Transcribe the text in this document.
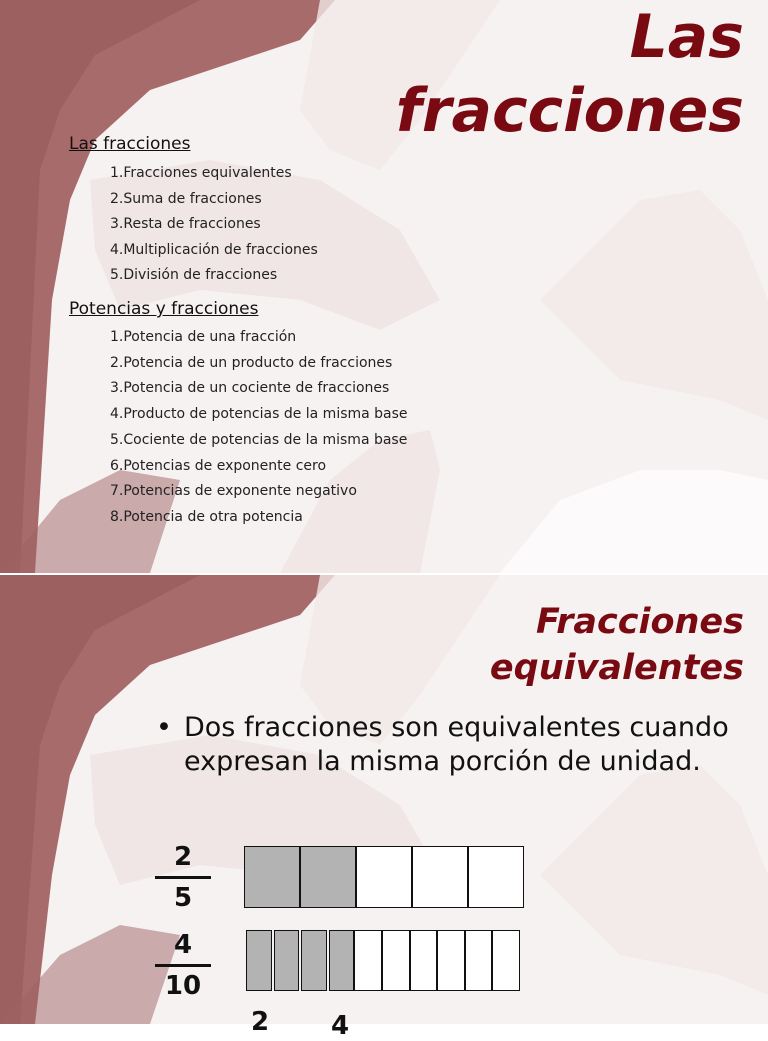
Las
fracciones
Las fracciones
1.Fracciones equivalentes
2.Suma de fracciones
3.Resta de fracciones
4.Multiplicación de fracciones
5.División de fracciones
Potencias y fracciones
1.Potencia de una fracción
2.Potencia de un producto de fracciones
3.Potencia de un cociente de fracciones
4.Producto de potencias de la misma base
5.Cociente de potencias de la misma base
6.Potencias de exponente cero
7.Potencias de exponente negativo
8.Potencia de otra potencia
Fracciones
equivalentes
• Dos fracciones son equivalentes cuando expresan la misma porción de unidad.
2
5
4
10
2	4
